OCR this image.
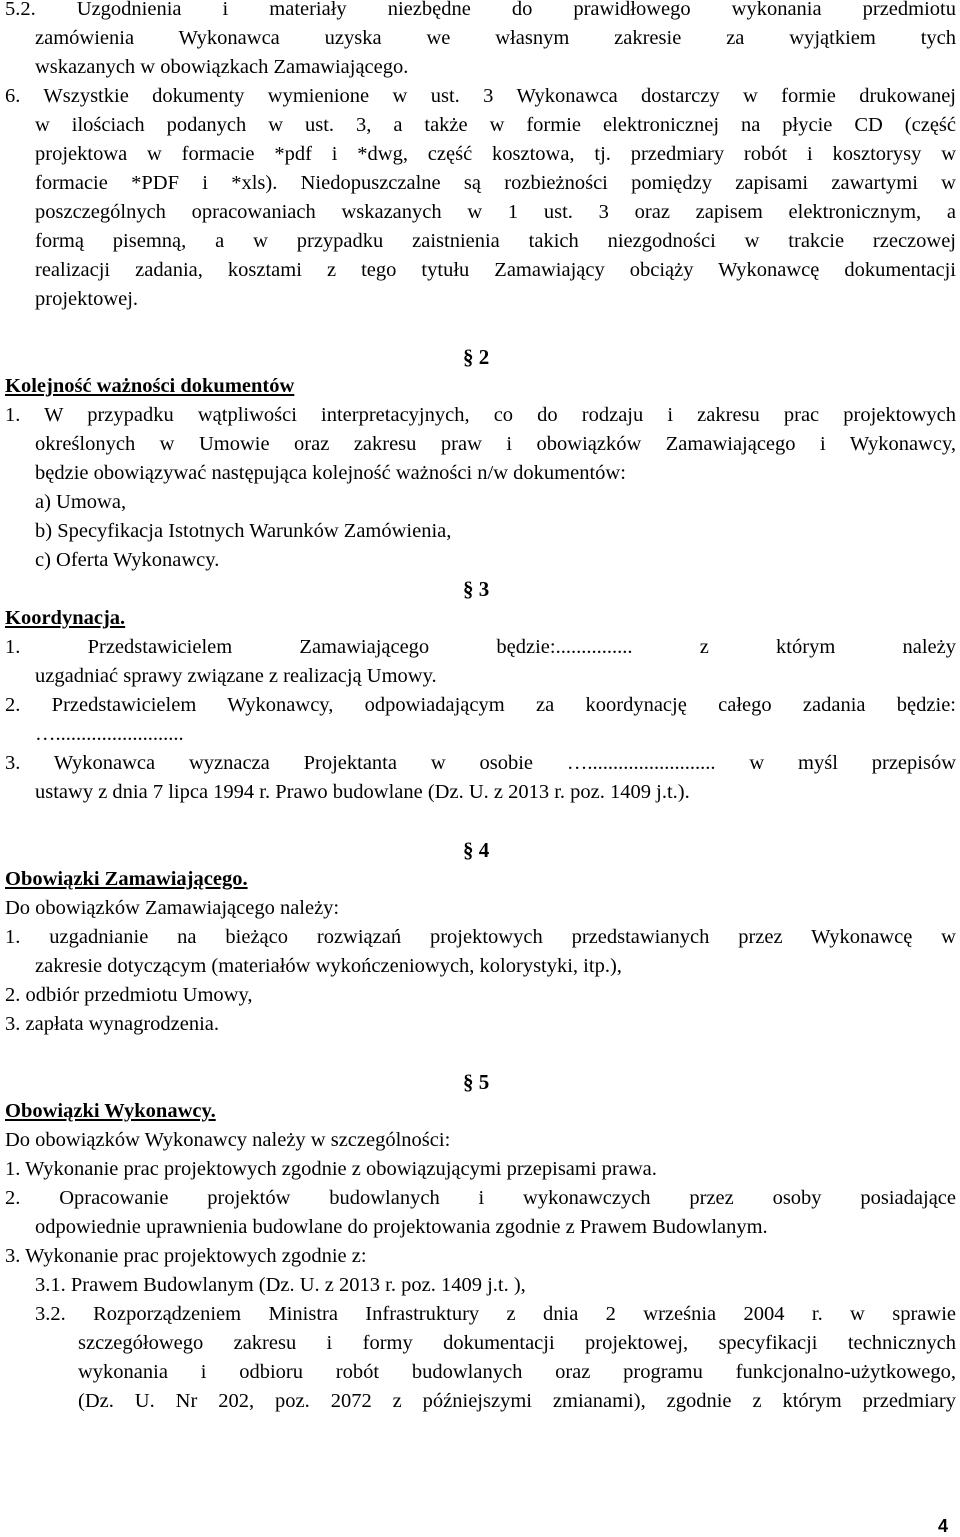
5.2. Uzgodnienia i materiały niezbędne do prawidłowego wykonania przedmiotu
zamówienia Wykonawca uzyska we własnym zakresie za wyjątkiem tych
wskazanych w obowiązkach Zamawiającego.
6. Wszystkie dokumenty wymienione w ust. 3 Wykonawca dostarczy w formie drukowanej
w ilościach podanych w ust. 3, a także w formie elektronicznej na płycie CD (część
projektowa w formacie *pdf i *dwg, część kosztowa, tj. przedmiary robót i kosztorysy w
formacie *PDF i *xls). Niedopuszczalne są rozbieżności pomiędzy zapisami zawartymi w
poszczególnych opracowaniach wskazanych w 1 ust. 3 oraz zapisem elektronicznym, a
formą pisemną, a w przypadku zaistnienia takich niezgodności w trakcie rzeczowej
realizacji zadania, kosztami z tego tytułu Zamawiający obciąży Wykonawcę dokumentacji
projektowej.
§ 2
Kolejność ważności dokumentów
1. W przypadku wątpliwości interpretacyjnych, co do rodzaju i zakresu prac projektowych
określonych w Umowie oraz zakresu praw i obowiązków Zamawiającego i Wykonawcy,
będzie obowiązywać następująca kolejność ważności n/w dokumentów:
a) Umowa,
b) Specyfikacja Istotnych Warunków Zamówienia,
c) Oferta Wykonawcy.
§ 3
Koordynacja.
1. Przedstawicielem Zamawiającego będzie:............... z którym należy
uzgadniać sprawy związane z realizacją Umowy.
2. Przedstawicielem Wykonawcy, odpowiadającym za koordynację całego zadania będzie:
….........................
3. Wykonawca wyznacza Projektanta w osobie …......................... w myśl przepisów
ustawy z dnia 7 lipca 1994 r. Prawo budowlane (Dz. U. z 2013 r. poz. 1409 j.t.).
§ 4
Obowiązki Zamawiającego.
Do obowiązków Zamawiającego należy:
1. uzgadnianie na bieżąco rozwiązań projektowych przedstawianych przez Wykonawcę w
zakresie dotyczącym (materiałów wykończeniowych, kolorystyki, itp.),
2. odbiór przedmiotu Umowy,
3. zapłata wynagrodzenia.
§ 5
Obowiązki Wykonawcy.
Do obowiązków Wykonawcy należy w szczególności:
1. Wykonanie prac projektowych zgodnie z obowiązującymi przepisami prawa.
2. Opracowanie projektów budowlanych i wykonawczych przez osoby posiadające
odpowiednie uprawnienia budowlane do projektowania zgodnie z Prawem Budowlanym.
3. Wykonanie prac projektowych zgodnie z:
3.1. Prawem Budowlanym (Dz. U. z 2013 r. poz. 1409 j.t. ),
3.2. Rozporządzeniem Ministra Infrastruktury z dnia 2 września 2004 r. w sprawie
szczegółowego zakresu i formy dokumentacji projektowej, specyfikacji technicznych
wykonania i odbioru robót budowlanych oraz programu funkcjonalno-użytkowego,
(Dz. U. Nr 202, poz. 2072 z późniejszymi zmianami), zgodnie z którym przedmiary
4
